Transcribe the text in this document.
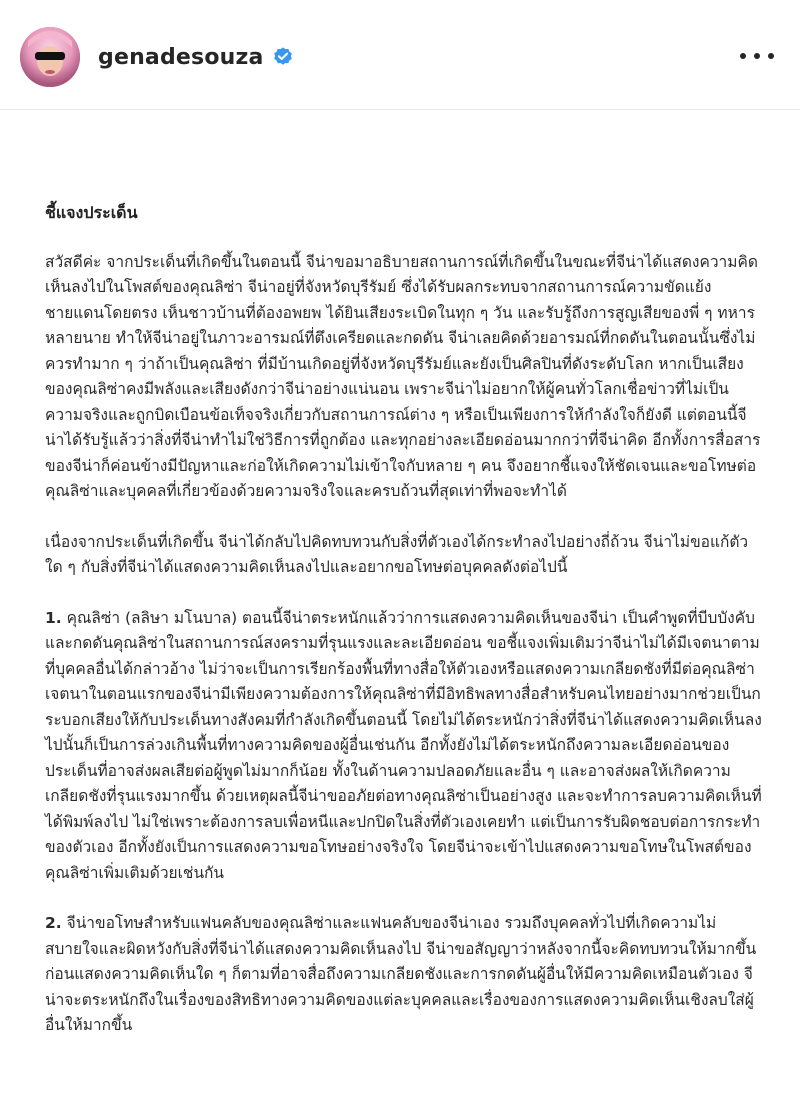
genadesouza

ชี้แจงประเด็น

สวัสดีค่ะ จากประเด็นที่เกิดขึ้นในตอนนี้ จีน่าขอมาอธิบายสถานการณ์ที่เกิดขึ้นในขณะที่จีน่าได้แสดงความคิดเห็นลงไปในโพสต์ของคุณลิซ่า จีน่าอยู่ที่จังหวัดบุรีรัมย์ ซึ่งได้รับผลกระทบจากสถานการณ์ความขัดแย้งชายแดนโดยตรง เห็นชาวบ้านที่ต้องอพยพ ได้ยินเสียงระเบิดในทุก ๆ วัน และรับรู้ถึงการสูญเสียของพี่ ๆ ทหารหลายนาย ทำให้จีน่าอยู่ในภาวะอารมณ์ที่ตึงเครียดและกดดัน จีน่าเลยคิดด้วยอารมณ์ที่กดดันในตอนนั้นซึ่งไม่ควรทำมาก ๆ ว่าถ้าเป็นคุณลิซ่า ที่มีบ้านเกิดอยู่ที่จังหวัดบุรีรัมย์และยังเป็นศิลปินที่ดังระดับโลก หากเป็นเสียงของคุณลิซ่าคงมีพลังและเสียงดังกว่าจีน่าอย่างแน่นอน เพราะจีน่าไม่อยากให้ผู้คนทั่วโลกเชื่อข่าวที่ไม่เป็นความจริงและถูกบิดเบือนข้อเท็จจริงเกี่ยวกับสถานการณ์ต่าง ๆ หรือเป็นเพียงการให้กำลังใจก็ยังดี แต่ตอนนี้จีน่าได้รับรู้แล้วว่าสิ่งที่จีน่าทำไม่ใช่วิธีการที่ถูกต้อง และทุกอย่างละเอียดอ่อนมากกว่าที่จีน่าคิด อีกทั้งการสื่อสารของจีน่าก็ค่อนข้างมีปัญหาและก่อให้เกิดความไม่เข้าใจกับหลาย ๆ คน จึงอยากชี้แจงให้ชัดเจนและขอโทษต่อคุณลิซ่าและบุคคลที่เกี่ยวข้องด้วยความจริงใจและครบถ้วนที่สุดเท่าที่พอจะทำได้

เนื่องจากประเด็นที่เกิดขึ้น จีน่าได้กลับไปคิดทบทวนกับสิ่งที่ตัวเองได้กระทำลงไปอย่างถี่ถ้วน จีน่าไม่ขอแก้ตัวใด ๆ กับสิ่งที่จีน่าได้แสดงความคิดเห็นลงไปและอยากขอโทษต่อบุคคลดังต่อไปนี้

1. คุณลิซ่า (ลลิษา มโนบาล) ตอนนี้จีน่าตระหนักแล้วว่าการแสดงความคิดเห็นของจีน่า เป็นคำพูดที่บีบบังคับและกดดันคุณลิซ่าในสถานการณ์สงครามที่รุนแรงและละเอียดอ่อน ขอชี้แจงเพิ่มเติมว่าจีน่าไม่ได้มีเจตนาตามที่บุคคลอื่นได้กล่าวอ้าง ไม่ว่าจะเป็นการเรียกร้องพื้นที่ทางสื่อให้ตัวเองหรือแสดงความเกลียดชังที่มีต่อคุณลิซ่า เจตนาในตอนแรกของจีน่ามีเพียงความต้องการให้คุณลิซ่าที่มีอิทธิพลทางสื่อสำหรับคนไทยอย่างมากช่วยเป็นกระบอกเสียงให้กับประเด็นทางสังคมที่กำลังเกิดขึ้นตอนนี้ โดยไม่ได้ตระหนักว่าสิ่งที่จีน่าได้แสดงความคิดเห็นลงไปนั้นก็เป็นการล่วงเกินพื้นที่ทางความคิดของผู้อื่นเช่นกัน อีกทั้งยังไม่ได้ตระหนักถึงความละเอียดอ่อนของประเด็นที่อาจส่งผลเสียต่อผู้พูดไม่มากก็น้อย ทั้งในด้านความปลอดภัยและอื่น ๆ และอาจส่งผลให้เกิดความเกลียดชังที่รุนแรงมากขึ้น ด้วยเหตุผลนี้จีน่าขออภัยต่อทางคุณลิซ่าเป็นอย่างสูง และจะทำการลบความคิดเห็นที่ได้พิมพ์ลงไป ไม่ใช่เพราะต้องการลบเพื่อหนีและปกปิดในสิ่งที่ตัวเองเคยทำ แต่เป็นการรับผิดชอบต่อการกระทำของตัวเอง อีกทั้งยังเป็นการแสดงความขอโทษอย่างจริงใจ โดยจีน่าจะเข้าไปแสดงความขอโทษในโพสต์ของคุณลิซ่าเพิ่มเติมด้วยเช่นกัน

2. จีน่าขอโทษสำหรับแฟนคลับของคุณลิซ่าและแฟนคลับของจีน่าเอง รวมถึงบุคคลทั่วไปที่เกิดความไม่สบายใจและผิดหวังกับสิ่งที่จีน่าได้แสดงความคิดเห็นลงไป จีน่าขอสัญญาว่าหลังจากนี้จะคิดทบทวนให้มากขึ้นก่อนแสดงความคิดเห็นใด ๆ ก็ตามที่อาจสื่อถึงความเกลียดชังและการกดดันผู้อื่นให้มีความคิดเหมือนตัวเอง จีน่าจะตระหนักถึงในเรื่องของสิทธิทางความคิดของแต่ละบุคคลและเรื่องของการแสดงความคิดเห็นเชิงลบใส่ผู้อื่นให้มากขึ้น
